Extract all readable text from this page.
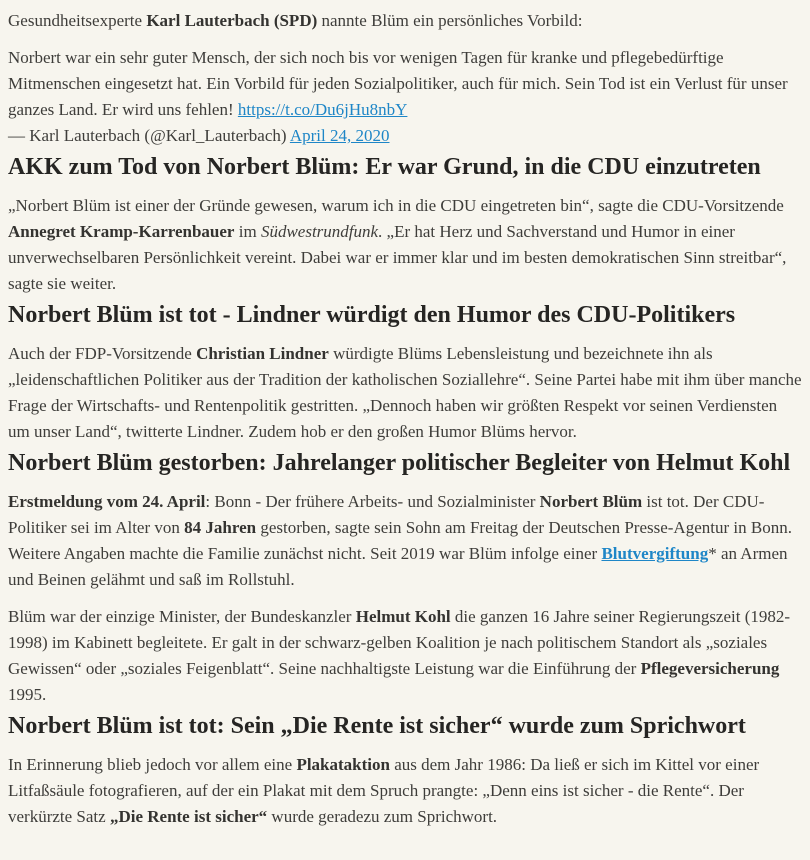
Gesundheitsexperte Karl Lauterbach (SPD) nannte Blüm ein persönliches Vorbild:

Norbert war ein sehr guter Mensch, der sich noch bis vor wenigen Tagen für kranke und pflegebedürftige Mitmenschen eingesetzt hat. Ein Vorbild für jeden Sozialpolitiker, auch für mich. Sein Tod ist ein Verlust für unser ganzes Land. Er wird uns fehlen! https://t.co/Du6jHu8nbY

— Karl Lauterbach (@Karl_Lauterbach) April 24, 2020

AKK zum Tod von Norbert Blüm: Er war Grund, in die CDU einzutreten

„Norbert Blüm ist einer der Gründe gewesen, warum ich in die CDU eingetreten bin“, sagte die CDU-Vorsitzende Annegret Kramp-Karrenbauer im Südwestrundfunk. „Er hat Herz und Sachverstand und Humor in einer unverwechselbaren Persönlichkeit vereint. Dabei war er immer klar und im besten demokratischen Sinn streitbar“, sagte sie weiter.

Norbert Blüm ist tot - Lindner würdigt den Humor des CDU-Politikers

Auch der FDP-Vorsitzende Christian Lindner würdigte Blüms Lebensleistung und bezeichnete ihn als „leidenschaftlichen Politiker aus der Tradition der katholischen Soziallehre“. Seine Partei habe mit ihm über manche Frage der Wirtschafts- und Rentenpolitik gestritten. „Dennoch haben wir größten Respekt vor seinen Verdiensten um unser Land“, twitterte Lindner. Zudem hob er den großen Humor Blüms hervor.

Norbert Blüm gestorben: Jahrelanger politischer Begleiter von Helmut Kohl

Erstmeldung vom 24. April: Bonn - Der frühere Arbeits- und Sozialminister Norbert Blüm ist tot. Der CDU-Politiker sei im Alter von 84 Jahren gestorben, sagte sein Sohn am Freitag der Deutschen Presse-Agentur in Bonn. Weitere Angaben machte die Familie zunächst nicht. Seit 2019 war Blüm infolge einer Blutvergiftung* an Armen und Beinen gelähmt und saß im Rollstuhl.

Blüm war der einzige Minister, der Bundeskanzler Helmut Kohl die ganzen 16 Jahre seiner Regierungszeit (1982-1998) im Kabinett begleitete. Er galt in der schwarz-gelben Koalition je nach politischem Standort als „soziales Gewissen“ oder „soziales Feigenblatt“. Seine nachhaltigste Leistung war die Einführung der Pflegeversicherung 1995.

Norbert Blüm ist tot: Sein „Die Rente ist sicher“ wurde zum Sprichwort

In Erinnerung blieb jedoch vor allem eine Plakataktion aus dem Jahr 1986: Da ließ er sich im Kittel vor einer Litfaßsäule fotografieren, auf der ein Plakat mit dem Spruch prangte: „Denn eins ist sicher - die Rente“. Der verkürzte Satz „Die Rente ist sicher“ wurde geradezu zum Sprichwort.
